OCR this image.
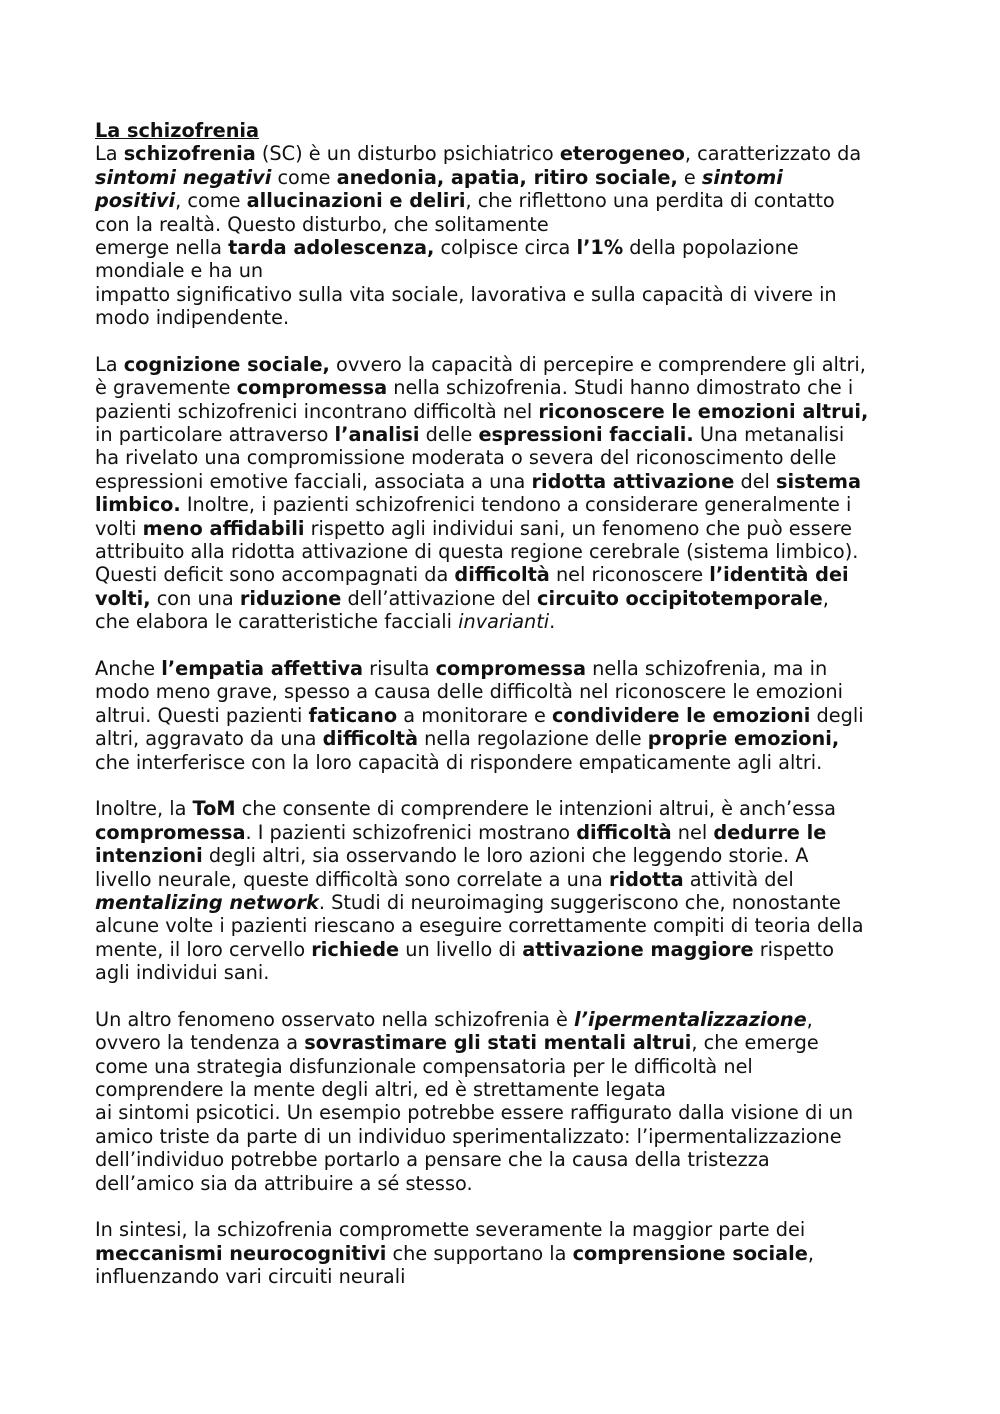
La schizofrenia
La schizofrenia (SC) è un disturbo psichiatrico eterogeneo, caratterizzato da
sintomi negativi come anedonia, apatia, ritiro sociale, e sintomi
positivi, come allucinazioni e deliri, che riflettono una perdita di contatto
con la realtà. Questo disturbo, che solitamente
emerge nella tarda adolescenza, colpisce circa l’1% della popolazione
mondiale e ha un
impatto significativo sulla vita sociale, lavorativa e sulla capacità di vivere in
modo indipendente.
La cognizione sociale, ovvero la capacità di percepire e comprendere gli altri,
è gravemente compromessa nella schizofrenia. Studi hanno dimostrato che i
pazienti schizofrenici incontrano difficoltà nel riconoscere le emozioni altrui,
in particolare attraverso l’analisi delle espressioni facciali. Una metanalisi
ha rivelato una compromissione moderata o severa del riconoscimento delle
espressioni emotive facciali, associata a una ridotta attivazione del sistema
limbico. Inoltre, i pazienti schizofrenici tendono a considerare generalmente i
volti meno affidabili rispetto agli individui sani, un fenomeno che può essere
attribuito alla ridotta attivazione di questa regione cerebrale (sistema limbico).
Questi deficit sono accompagnati da difficoltà nel riconoscere l’identità dei
volti, con una riduzione dell’attivazione del circuito occipitotemporale,
che elabora le caratteristiche facciali invarianti.
Anche l’empatia affettiva risulta compromessa nella schizofrenia, ma in
modo meno grave, spesso a causa delle difficoltà nel riconoscere le emozioni
altrui. Questi pazienti faticano a monitorare e condividere le emozioni degli
altri, aggravato da una difficoltà nella regolazione delle proprie emozioni,
che interferisce con la loro capacità di rispondere empaticamente agli altri.
Inoltre, la ToM che consente di comprendere le intenzioni altrui, è anch’essa
compromessa. I pazienti schizofrenici mostrano difficoltà nel dedurre le
intenzioni degli altri, sia osservando le loro azioni che leggendo storie. A
livello neurale, queste difficoltà sono correlate a una ridotta attività del
mentalizing network. Studi di neuroimaging suggeriscono che, nonostante
alcune volte i pazienti riescano a eseguire correttamente compiti di teoria della
mente, il loro cervello richiede un livello di attivazione maggiore rispetto
agli individui sani.
Un altro fenomeno osservato nella schizofrenia è l’ipermentalizzazione,
ovvero la tendenza a sovrastimare gli stati mentali altrui, che emerge
come una strategia disfunzionale compensatoria per le difficoltà nel
comprendere la mente degli altri, ed è strettamente legata
ai sintomi psicotici. Un esempio potrebbe essere raffigurato dalla visione di un
amico triste da parte di un individuo sperimentalizzato: l’ipermentalizzazione
dell’individuo potrebbe portarlo a pensare che la causa della tristezza
dell’amico sia da attribuire a sé stesso.
In sintesi, la schizofrenia compromette severamente la maggior parte dei
meccanismi neurocognitivi che supportano la comprensione sociale,
influenzando vari circuiti neurali
